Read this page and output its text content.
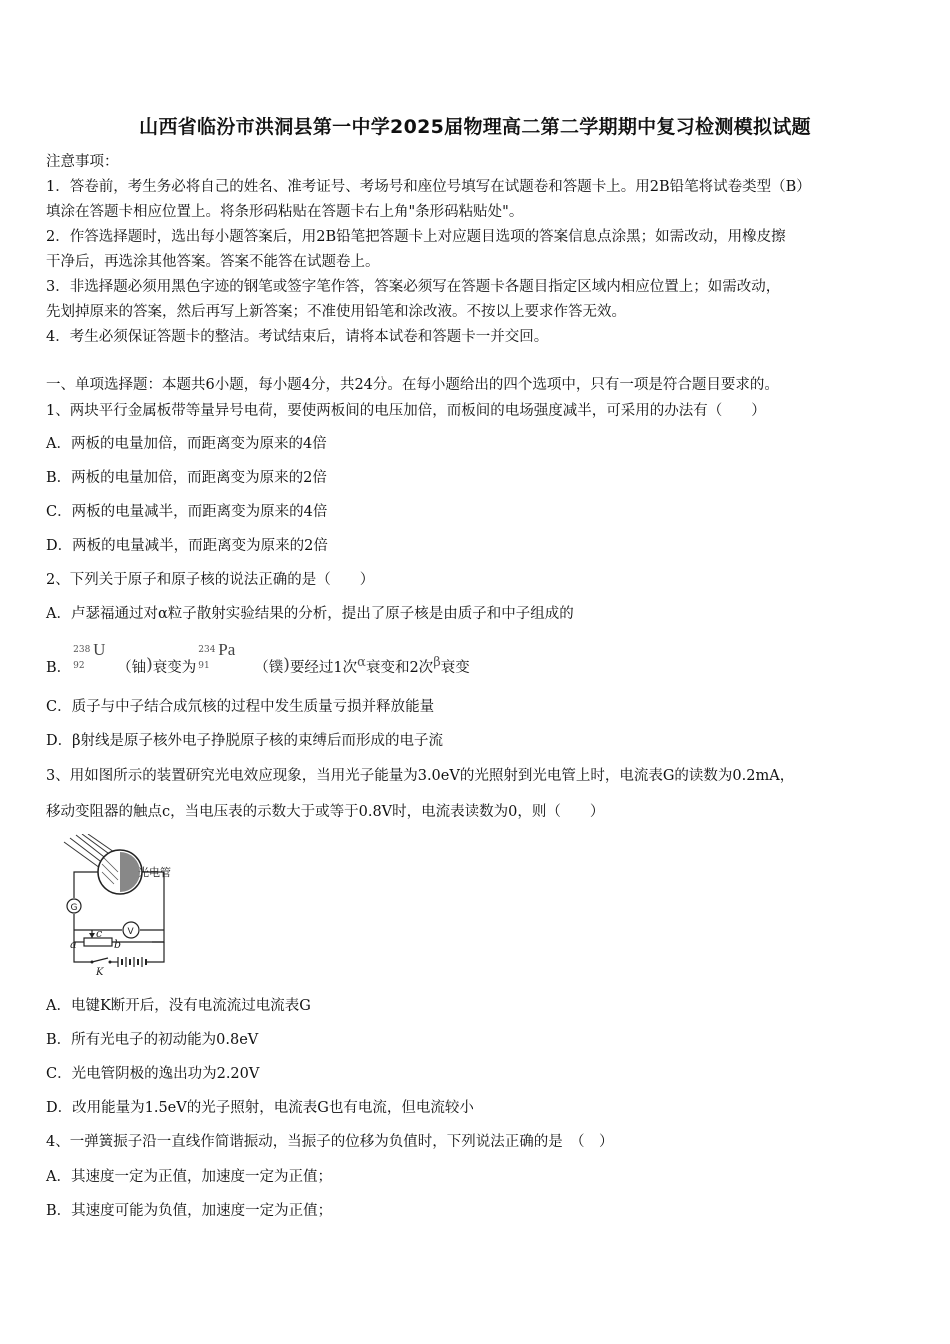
山西省临汾市洪洞县第一中学2025届物理高二第二学期期中复习检测模拟试题
注意事项：
1．答卷前，考生务必将自己的姓名、准考证号、考场号和座位号填写在试题卷和答题卡上。用2B铅笔将试卷类型（B）
填涂在答题卡相应位置上。将条形码粘贴在答题卡右上角"条形码粘贴处"。
2．作答选择题时，选出每小题答案后，用2B铅笔把答题卡上对应题目选项的答案信息点涂黑；如需改动，用橡皮擦
干净后，再选涂其他答案。答案不能答在试题卷上。
3．非选择题必须用黑色字迹的钢笔或签字笔作答，答案必须写在答题卡各题目指定区域内相应位置上；如需改动，
先划掉原来的答案，然后再写上新答案；不准使用铅笔和涂改液。不按以上要求作答无效。
4．考生必须保证答题卡的整洁。考试结束后，请将本试卷和答题卡一并交回。
一、单项选择题：本题共6小题，每小题4分，共24分。在每小题给出的四个选项中，只有一项是符合题目要求的。
1、两块平行金属板带等量异号电荷，要使两板间的电压加倍，而板间的电场强度减半，可采用的办法有（　　）
A．两板的电量加倍，而距离变为原来的4倍
B．两板的电量加倍，而距离变为原来的2倍
C．两板的电量减半，而距离变为原来的4倍
D．两板的电量减半，而距离变为原来的2倍
2、下列关于原子和原子核的说法正确的是（　　）
A．卢瑟福通过对α粒子散射实验结果的分析，提出了原子核是由质子和中子组成的
B．
238
92
U
（铀)衰变为
234
91
Pa
（镤)要经过1次α衰变和2次β衰变
C．质子与中子结合成氘核的过程中发生质量亏损并释放能量
D．β射线是原子核外电子挣脱原子核的束缚后而形成的电子流
3、用如图所示的装置研究光电效应现象，当用光子能量为3.0eV的光照射到光电管上时，电流表G的读数为0.2mA，
移动变阻器的触点c，当电压表的示数大于或等于0.8V时，电流表读数为0，则（　　）
光电管
G
V
a	b
c
K
A．电键K断开后，没有电流流过电流表G
B．所有光电子的初动能为0.8eV
C．光电管阴极的逸出功为2.20V
D．改用能量为1.5eV的光子照射，电流表G也有电流，但电流较小
4、一弹簧振子沿一直线作简谐振动，当振子的位移为负值时，下列说法正确的是　（　）
A．其速度一定为正值，加速度一定为正值；
B．其速度可能为负值，加速度一定为正值；
